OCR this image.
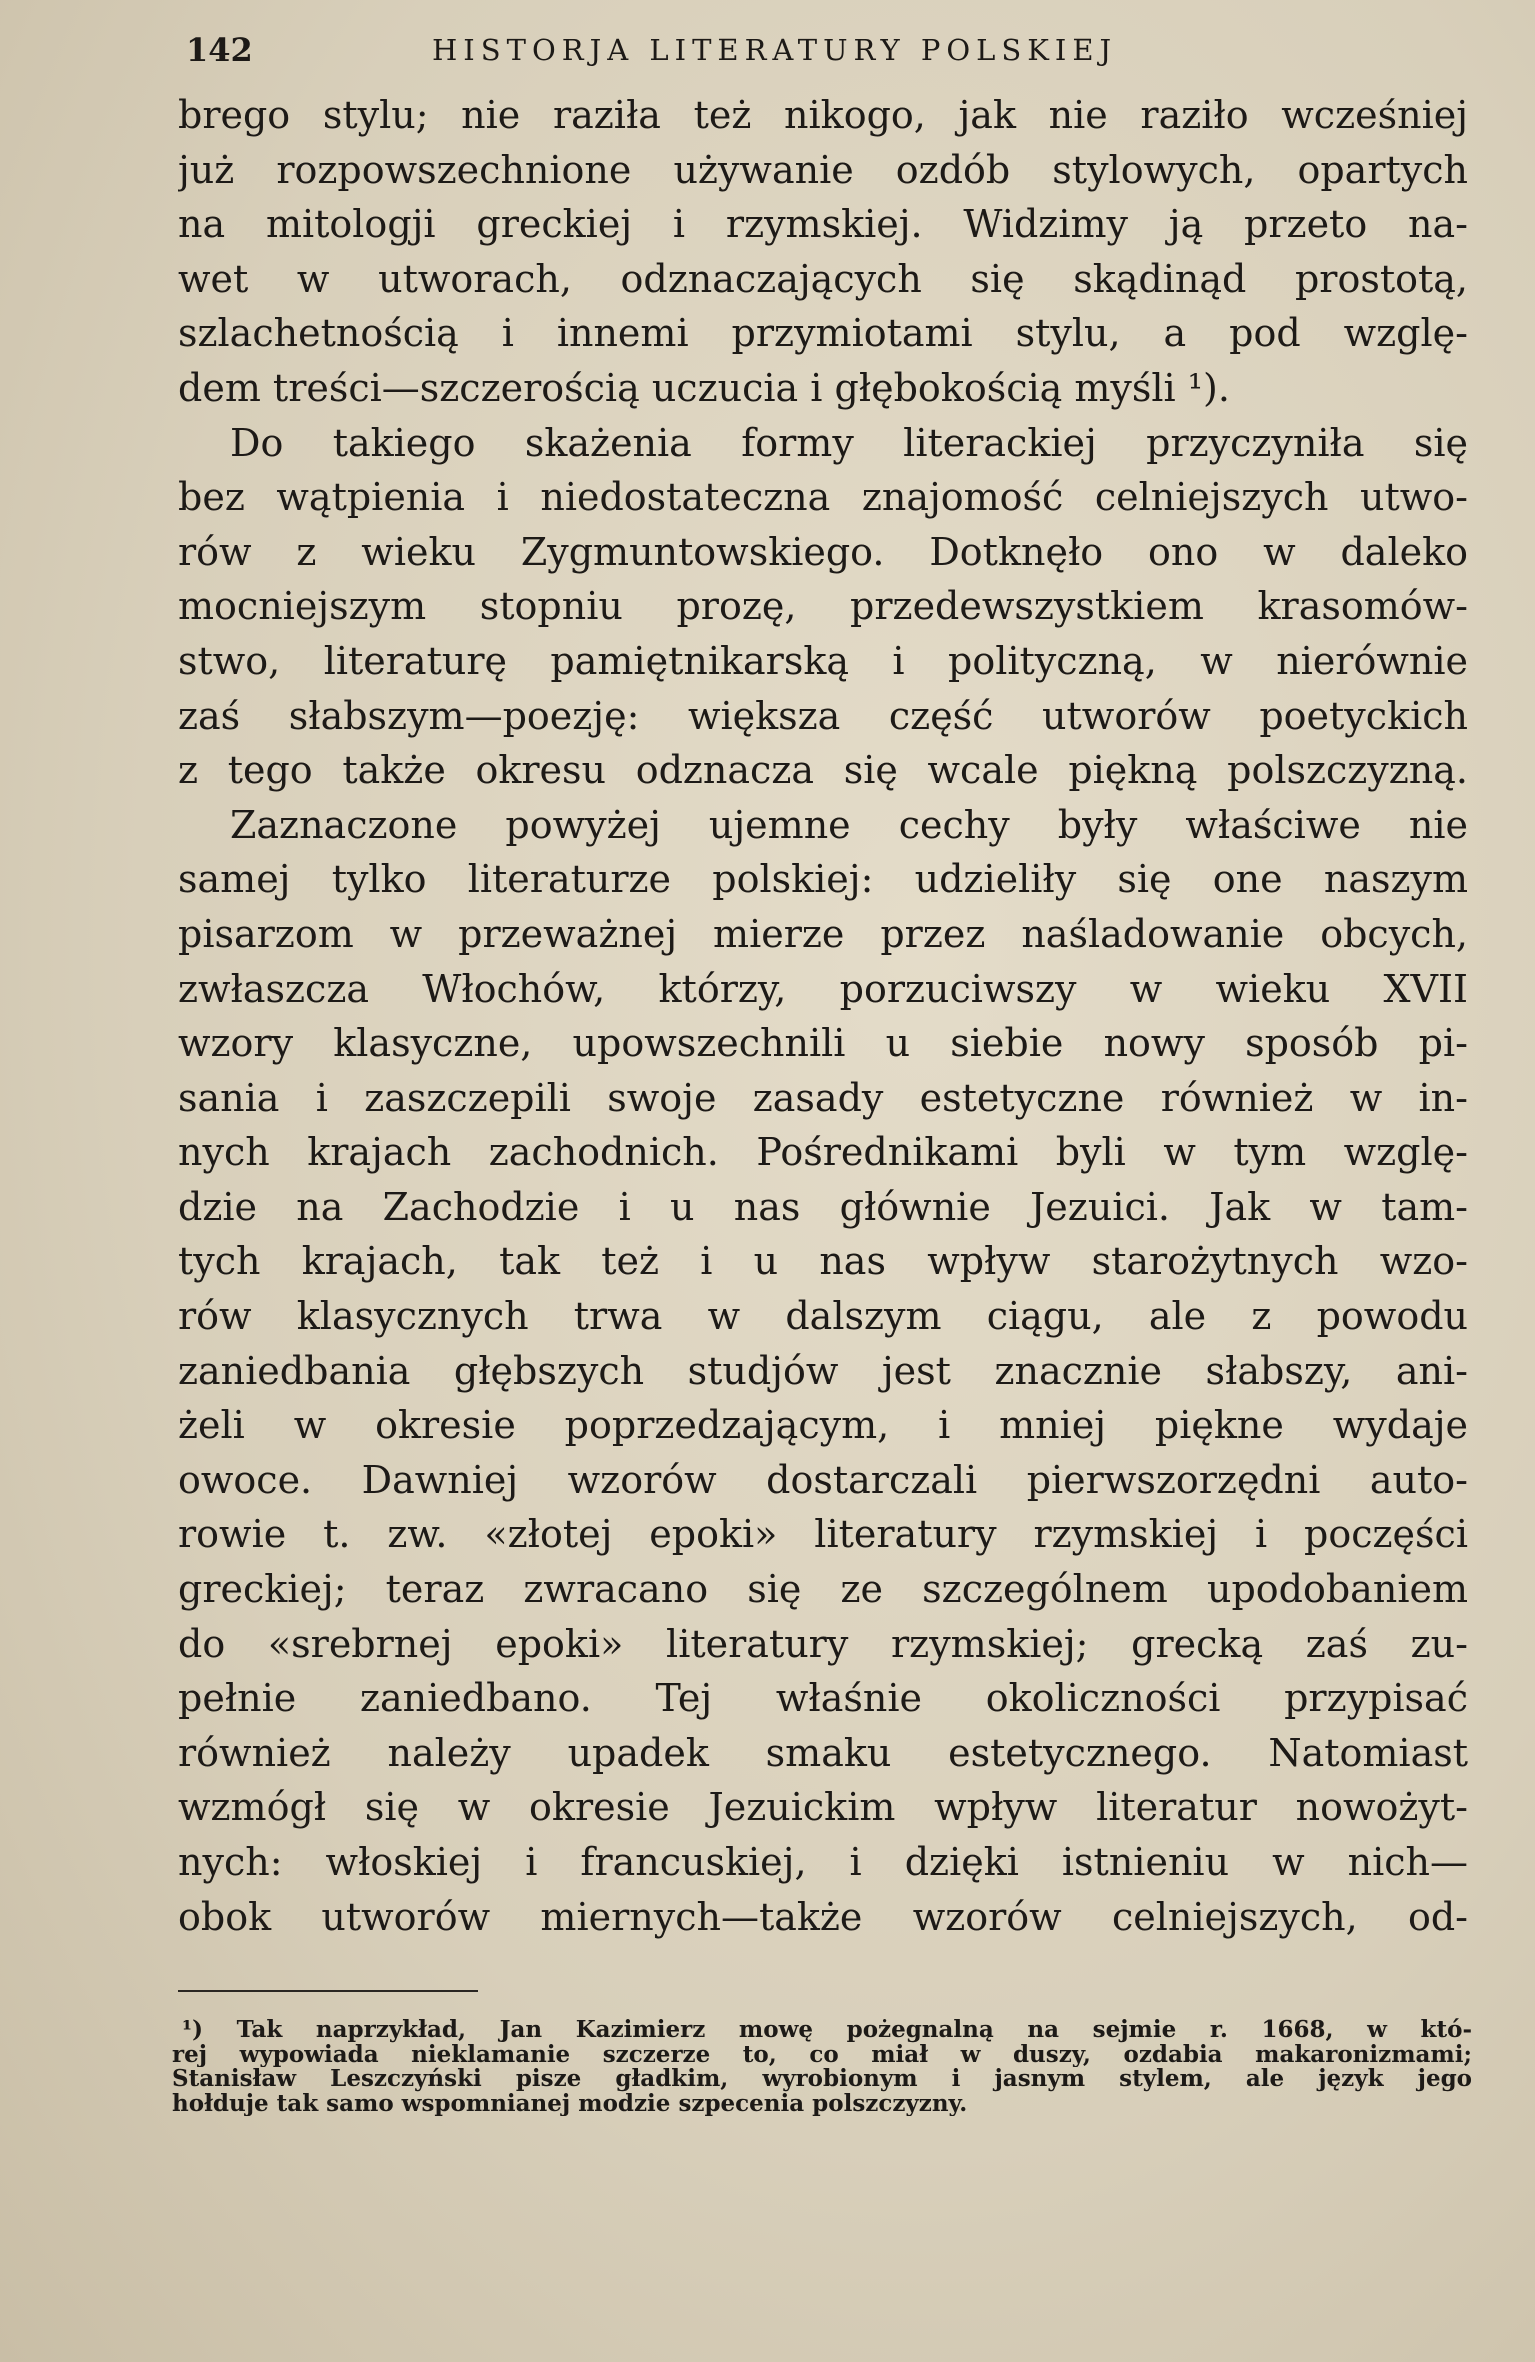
142	HISTORJA LITERATURY POLSKIEJ
brego stylu; nie raziła też nikogo, jak nie raziło wcześniej
już rozpowszechnione używanie ozdób stylowych, opartych
na mitologji greckiej i rzymskiej. Widzimy ją przeto na-
wet w utworach, odznaczających się skądinąd prostotą,
szlachetnością i innemi przymiotami stylu, a pod wzglę-
dem treści—szczerością uczucia i głębokością myśli ¹).
Do takiego skażenia formy literackiej przyczyniła się
bez wątpienia i niedostateczna znajomość celniejszych utwo-
rów z wieku Zygmuntowskiego. Dotknęło ono w daleko
mocniejszym stopniu prozę, przedewszystkiem krasomów-
stwo, literaturę pamiętnikarską i polityczną, w nierównie
zaś słabszym—poezję: większa część utworów poetyckich
z tego także okresu odznacza się wcale piękną polszczyzną.
Zaznaczone powyżej ujemne cechy były właściwe nie
samej tylko literaturze polskiej: udzieliły się one naszym
pisarzom w przeważnej mierze przez naśladowanie obcych,
zwłaszcza Włochów, którzy, porzuciwszy w wieku XVII
wzory klasyczne, upowszechnili u siebie nowy sposób pi-
sania i zaszczepili swoje zasady estetyczne również w in-
nych krajach zachodnich. Pośrednikami byli w tym wzglę-
dzie na Zachodzie i u nas głównie Jezuici. Jak w tam-
tych krajach, tak też i u nas wpływ starożytnych wzo-
rów klasycznych trwa w dalszym ciągu, ale z powodu
zaniedbania głębszych studjów jest znacznie słabszy, ani-
żeli w okresie poprzedzającym, i mniej piękne wydaje
owoce. Dawniej wzorów dostarczali pierwszorzędni auto-
rowie t. zw. «złotej epoki» literatury rzymskiej i poczęści
greckiej; teraz zwracano się ze szczególnem upodobaniem
do «srebrnej epoki» literatury rzymskiej; grecką zaś zu-
pełnie zaniedbano. Tej właśnie okoliczności przypisać
również należy upadek smaku estetycznego. Natomiast
wzmógł się w okresie Jezuickim wpływ literatur nowożyt-
nych: włoskiej i francuskiej, i dzięki istnieniu w nich—
obok utworów miernych—także wzorów celniejszych, od-
¹) Tak naprzykład, Jan Kazimierz mowę pożegnalną na sejmie r. 1668, w któ-
rej wypowiada nieklamanie szczerze to, co miał w duszy, ozdabia makaronizmami;
Stanisław Leszczyński pisze gładkim, wyrobionym i jasnym stylem, ale język jego
hołduje tak samo wspomnianej modzie szpecenia polszczyzny.
